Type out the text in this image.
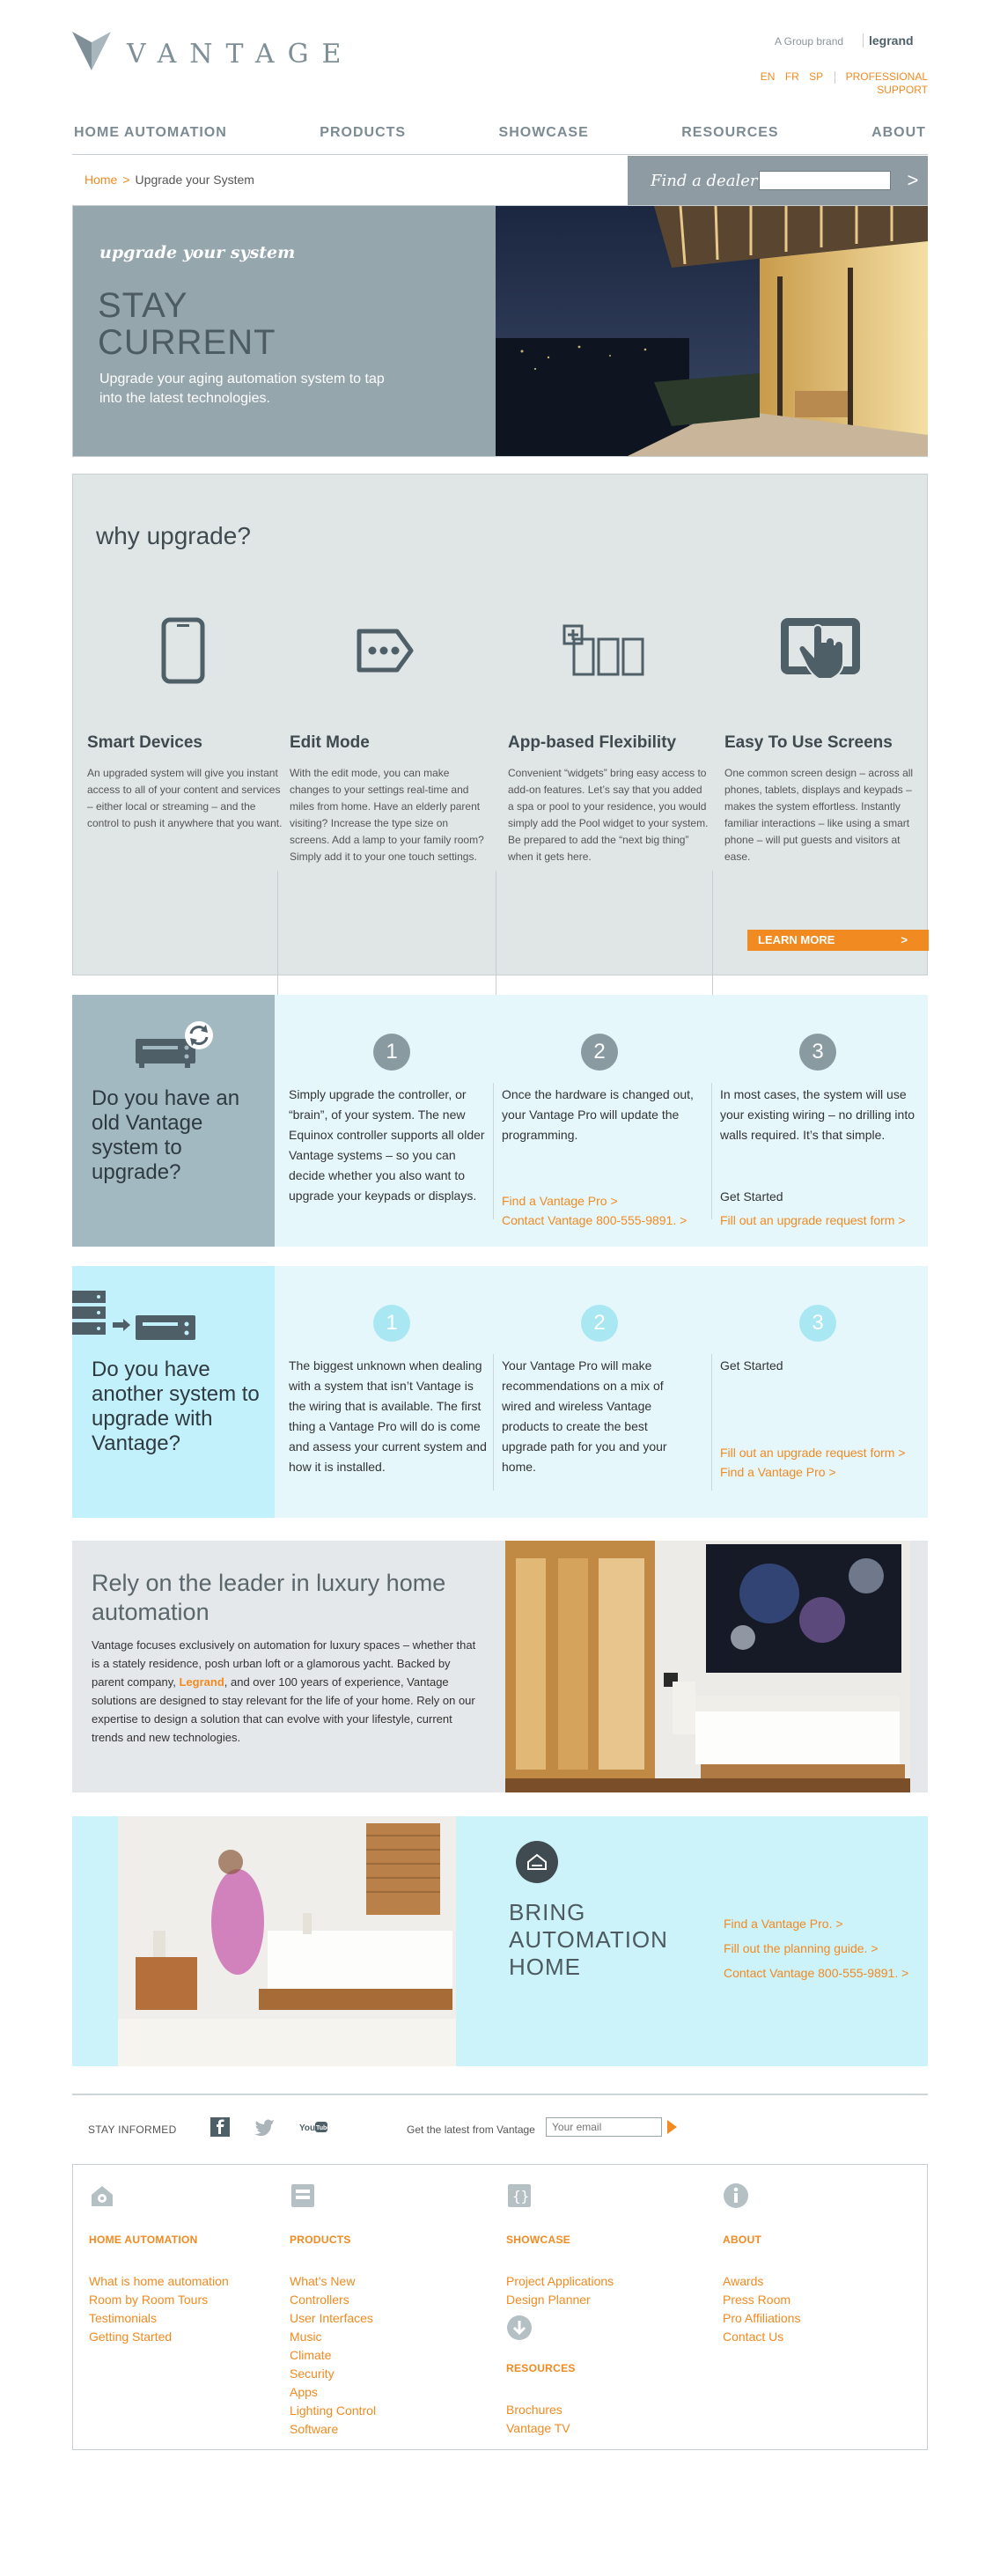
VANTAGE	A Group brand	legrand
EN FR SP PROFESSIONAL SUPPORT
HOME AUTOMATION	PRODUCTS	SHOWCASE	RESOURCES	ABOUT
Home > Upgrade your System	Find a dealer	>
upgrade your system
STAY
CURRENT
Upgrade your aging automation system to tap into the latest technologies.
why upgrade?
Smart Devices
An upgraded system will give you instant access to all of your content and services – either local or streaming – and the control to push it anywhere that you want.
Edit Mode
With the edit mode, you can make changes to your settings real-time and miles from home. Have an elderly parent visiting? Increase the type size on screens. Add a lamp to your family room? Simply add it to your one touch settings.
App-based Flexibility
Convenient “widgets” bring easy access to add-on features. Let’s say that you added a spa or pool to your residence, you would simply add the Pool widget to your system. Be prepared to add the “next big thing” when it gets here.
Easy To Use Screens
One common screen design – across all phones, tablets, displays and keypads – makes the system effortless. Instantly familiar interactions – like using a smart phone – will put guests and visitors at ease.
LEARN MORE	>
Do you have an old Vantage system to upgrade?
1
Simply upgrade the controller, or “brain”, of your system. The new Equinox controller supports all older Vantage systems – so you can decide whether you also want to upgrade your keypads or displays.
2
Once the hardware is changed out, your Vantage Pro will update the programming.
Find a Vantage Pro >
Contact Vantage 800-555-9891. >
3
In most cases, the system will use your existing wiring – no drilling into walls required. It’s that simple.
Get Started
Fill out an upgrade request form >
Do you have another system to upgrade with Vantage?
1
The biggest unknown when dealing with a system that isn’t Vantage is the wiring that is available. The first thing a Vantage Pro will do is come and assess your current system and how it is installed.
2
Your Vantage Pro will make recommendations on a mix of wired and wireless Vantage products to create the best upgrade path for you and your home.
3
Get Started
Fill out an upgrade request form >
Find a Vantage Pro >
Rely on the leader in luxury home automation
Vantage focuses exclusively on automation for luxury spaces – whether that is a stately residence, posh urban loft or a glamorous yacht. Backed by parent company, Legrand, and over 100 years of experience, Vantage solutions are designed to stay relevant for the life of your home. Rely on our expertise to design a solution that can evolve with your lifestyle, current trends and new technologies.
BRING AUTOMATION HOME
Find a Vantage Pro. >
Fill out the planning guide. >
Contact Vantage 800-555-9891. >
STAY INFORMED	You Tube	Get the latest from Vantage
Your email
HOME AUTOMATION
What is home automation
Room by Room Tours
Testimonials
Getting Started
PRODUCTS
What’s New
Controllers
User Interfaces
Music
Climate
Security
Apps
Lighting Control
Software
{}
SHOWCASE
Project Applications
Design Planner
RESOURCES
Brochures
Vantage TV
ABOUT
Awards
Press Room
Pro Affiliations
Contact Us
